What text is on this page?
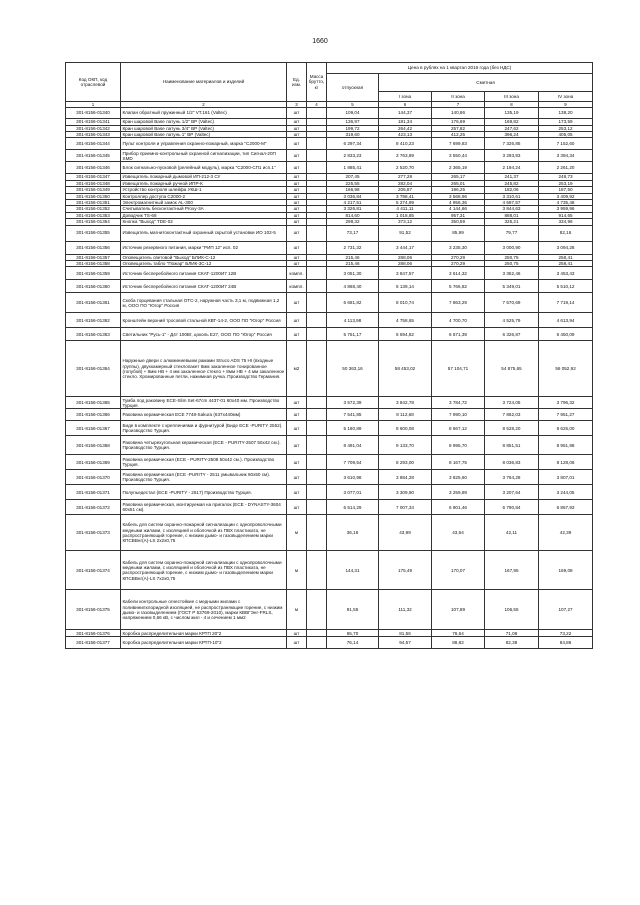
1660
Код ОКП, код отраслевой	Наименование материалов и изделий	Ед. изм.	Масса брутто, кг	Цена в рублях на 1 квартал 2016 года (без НДС)				
				отпускная	Сметная			
					I зона	II зона	III зона	IV зона
1	2	3	4	5	6	7	8	9
301-8156-01340	Клапан обратный пружинный 1/2" VT.161 (Valtec)	шт		109,04	144,37	140,86	135,19	138,20
301-8156-01341	Кран шаровой Base латунь 1/2" ВР (Valtec)	шт		136,97	181,34	176,69	169,82	173,59
301-8156-01342	Кран шаровой Base латунь 3/4" ВР (Valtec)	шт		199,72	264,42	257,82	247,62	253,12
301-8156-01343	Кран шаровой Base латунь 1" ВР (Valtec)	шт		319,60	423,13	412,25	396,24	405,05
301-8156-01344	Пульт контроля и управления охранно-пожарный, марка "С2000-М"	шт		6 297,34	8 410,23	7 699,83	7 326,85	7 152,60
301-8156-01345	Прибор приемно-контрольный охранной сигнализации, тип Сигнал-20П SMD	шт		2 833,23	3 763,89	3 550,44	3 293,83	3 394,34
301-8156-01346	Блок сигнально-пусковой (релейный модуль), марка "С2000-СП1 исп.1"	шт		1 885,41	2 520,70	2 365,19	2 194,24	2 261,20
301-8156-01347	Извещатель пожарный дымовой ИП-212-3 СУ	шт		207,45	277,28	265,17	241,37	248,73
301-8156-01348	Извещатель пожарный ручной ИПР-К	шт		225,55	282,04	265,01	245,82	253,19
301-8156-01349	Устройство контроля шлейфа УКШ-1	шт		166,98	206,87	196,25	182,06	187,50
301-8156-01350	Контроллер доступа С2000-2	шт		3 036,84	3 798,41	3 568,96	3 310,61	3 409,92
301-8156-01351	Электромагнитный замок AL-300	шт		4 217,51	5 274,99	4 956,36	4 597,57	4 735,48
301-8156-01352	Считыватель бесконтактный Proxy-3A	шт		3 326,81	4 411,11	4 144,66	3 844,63	3 959,96
301-8156-01353	Доводчик TS-68	шт		814,60	1 018,85	957,31	888,01	914,65
301-8156-01354	Кнопка "Выход" TDE-02	шт		298,32	373,12	350,59	325,21	334,96
301-8156-01355	Извещатель магнитоконтактный охранный скрытой установки ИО 102-5	шт		73,17	91,52	85,99	79,77	82,16
301-8156-01356	Источник резервного питания, марки "РИП 12" исп. 02	шт		2 731,32	3 444,17	3 235,30	3 000,90	3 094,28
301-8156-01357	Оповещатель световой "Выход" БЛИК-С-12	шт		215,46	288,06	270,29	250,75	258,41
301-8156-01358	Оповещатель табло "Пожар" БЛИК-3С-12	шт		215,46	288,06	270,29	250,75	258,41
301-8156-01359	Источник бесперебойного питания СКАТ-1200И7 12В	компл.		3 051,30	3 847,57	3 614,32	3 352,46	3 453,43
301-8156-01360	Источник бесперебойного питания СКАТ-1200И7 24В	компл.		4 868,40	6 139,14	5 766,82	5 349,01	5 510,12
301-8156-01361	Скоба торцевания стальная ОТС-2, наружная часть 3,1 м, подвижная 1,2 м, ООО ПО "Югор" Россия	шт		6 681,82	8 010,74	7 863,29	7 570,69	7 719,14
301-8156-01362	Кронштейн верхний тросовой стальной КВТ-14-2, ООО ПО "Югор" Россия	шт		4 113,98	4 758,65	4 700,70	4 525,79	4 613,94
301-8156-01363	Светильник "Русь-1" - Д4т 100Вт, цоколь Е27, ООО ПО "Югор" Россия	шт		5 751,17	6 694,82	6 571,39	6 326,87	6 450,09
301-8156-01364	Наружные двери с алюминиевыми рамами Struco ADS 75 HI (входные группы), двухкамерный стеклопакет 6мм закаленное тонированное (голубой) + 8мм НВ + 4 мм закаленное стекло + 8мм НВ + 4 мм закаленное стекло. Хромированные петли, нажимная ручка. Производство Германия.	м2		50 363,16	58 453,02	57 104,71	54 875,65	56 052,92
301-8156-01365	Тумба под раковину ECE-Slim Set-67cm 4437-01 60х40 мм. Производство Турция.	шт		3 572,39	3 842,78	3 784,72	3 724,05	3 796,32
301-8156-01366	Раковина керамическая ECE 7748-Sakura (637х440мм)	шт		7 541,85	8 112,68	7 990,10	7 862,03	7 951,27
301-8156-01367	Биде в комплекте с креплениями и фурнитурой (Биде ECE -PURITY 2552). Производство Турция.	шт		5 180,89	8 600,08	8 667,12	8 528,20	8 625,00
301-8156-01368	Раковина четырехугольная керамическая (ECE - PURITY-2507 50х42 см.). Производство Турция.	шт		8 491,04	9 133,70	8 995,70	8 851,51	8 951,98
301-8156-01369	Раковина керамическая (ECE - PURITY-2508 50х42 см.). Производство Турция.	шт		7 709,54	8 293,00	8 167,75	8 036,83	8 128,06
301-8156-01370	Раковина керамическая (ECE -PURITY - 2511 умывальник 60х50 см). Производство Турция.	шт		3 610,98	3 884,28	3 825,60	3 764,28	3 807,01
301-8156-01371	Полупьедестал (ECE -PURITY - 2517) Производство Турция.	шт		3 077,01	3 309,90	3 259,89	3 207,64	3 244,05
301-8156-01372	Раковина керамическая, монтируемая на пригалок (ECE - DYNASTY-3604 60х51 см).	шт		6 514,29	7 007,34	6 901,46	6 790,84	6 867,93
301-8156-01373	Кабель для систем охранно-пожарной сигнализации с однопроволочными медными жилами, с изоляцией и оболочкой из ПВХ пластиката, не распространяющий горение, с низким дымо- и газовыделением марки КПСВВнг(А)-LS 2х2х0,75	м		36,16	43,99	43,64	42,11	42,39
301-8156-01374	Кабель для систем охранно-пожарной сигнализации с однопроволочными медными жилами, с изоляцией и оболочкой из ПВХ пластиката, не распространяющий горение, с низким дымо- и газовыделением марки КПСВВнг(А)-LS 7х2х0,75	м		144,31	175,49	170,07	167,95	169,08
301-8156-01375	Кабели контрольные огнестойкие с медными жилами с поливинилхлоридной изоляцией, не распространяющие горение, с низким дымо- и газовыделением (ГОСТ Р 53769-2010), марки КВВГЭнг-FRLS, напряжением 0,66 кВ, с числом жил - 4 и сечением 1 мм2	м		91,55	111,32	107,89	106,55	107,27
301-8156-01376	Коробка распределительная марки КРТП 20"2	шт		65,70	81,56	76,64	71,08	73,22
301-8156-01377	Коробка распределительная марки КРТП-10"2	шт		76,14	94,57	88,82	82,38	84,86
